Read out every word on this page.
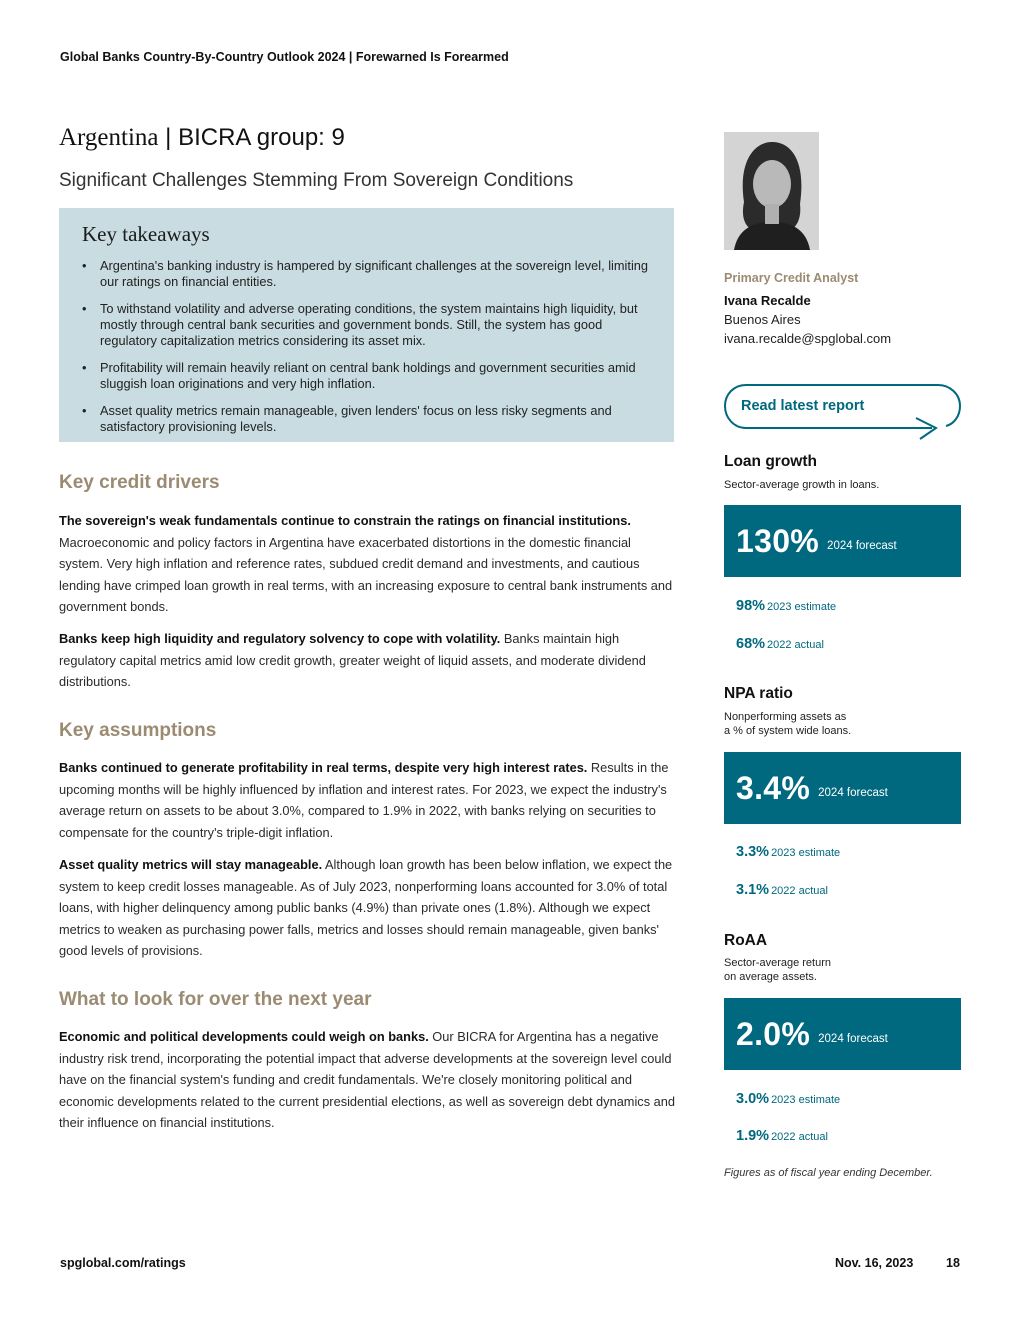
Global Banks Country-By-Country Outlook 2024 | Forewarned Is Forearmed
Argentina | BICRA group: 9
Significant Challenges Stemming From Sovereign Conditions
Key takeaways
• Argentina's banking industry is hampered by significant challenges at the sovereign level, limiting our ratings on financial entities.
• To withstand volatility and adverse operating conditions, the system maintains high liquidity, but mostly through central bank securities and government bonds. Still, the system has good regulatory capitalization metrics considering its asset mix.
• Profitability will remain heavily reliant on central bank holdings and government securities amid sluggish loan originations and very high inflation.
• Asset quality metrics remain manageable, given lenders' focus on less risky segments and satisfactory provisioning levels.
Key credit drivers
The sovereign's weak fundamentals continue to constrain the ratings on financial institutions. Macroeconomic and policy factors in Argentina have exacerbated distortions in the domestic financial system. Very high inflation and reference rates, subdued credit demand and investments, and cautious lending have crimped loan growth in real terms, with an increasing exposure to central bank instruments and government bonds.
Banks keep high liquidity and regulatory solvency to cope with volatility. Banks maintain high regulatory capital metrics amid low credit growth, greater weight of liquid assets, and moderate dividend distributions.
Key assumptions
Banks continued to generate profitability in real terms, despite very high interest rates. Results in the upcoming months will be highly influenced by inflation and interest rates. For 2023, we expect the industry's average return on assets to be about 3.0%, compared to 1.9% in 2022, with banks relying on securities to compensate for the country's triple-digit inflation.
Asset quality metrics will stay manageable. Although loan growth has been below inflation, we expect the system to keep credit losses manageable. As of July 2023, nonperforming loans accounted for 3.0% of total loans, with higher delinquency among public banks (4.9%) than private ones (1.8%). Although we expect metrics to weaken as purchasing power falls, metrics and losses should remain manageable, given banks' good levels of provisions.
What to look for over the next year
Economic and political developments could weigh on banks. Our BICRA for Argentina has a negative industry risk trend, incorporating the potential impact that adverse developments at the sovereign level could have on the financial system's funding and credit fundamentals. We're closely monitoring political and economic developments related to the current presidential elections, as well as sovereign debt dynamics and their influence on financial institutions.
Primary Credit Analyst
Ivana Recalde
Buenos Aires
ivana.recalde@spglobal.com
Read latest report
Loan growth
Sector-average growth in loans.
130% 2024 forecast
98% 2023 estimate
68% 2022 actual
NPA ratio
Nonperforming assets as
a % of system wide loans.
3.4% 2024 forecast
3.3% 2023 estimate
3.1% 2022 actual
RoAA
Sector-average return
on average assets.
2.0% 2024 forecast
3.0% 2023 estimate
1.9% 2022 actual
Figures as of fiscal year ending December.
spglobal.com/ratings	Nov. 16, 2023	18
